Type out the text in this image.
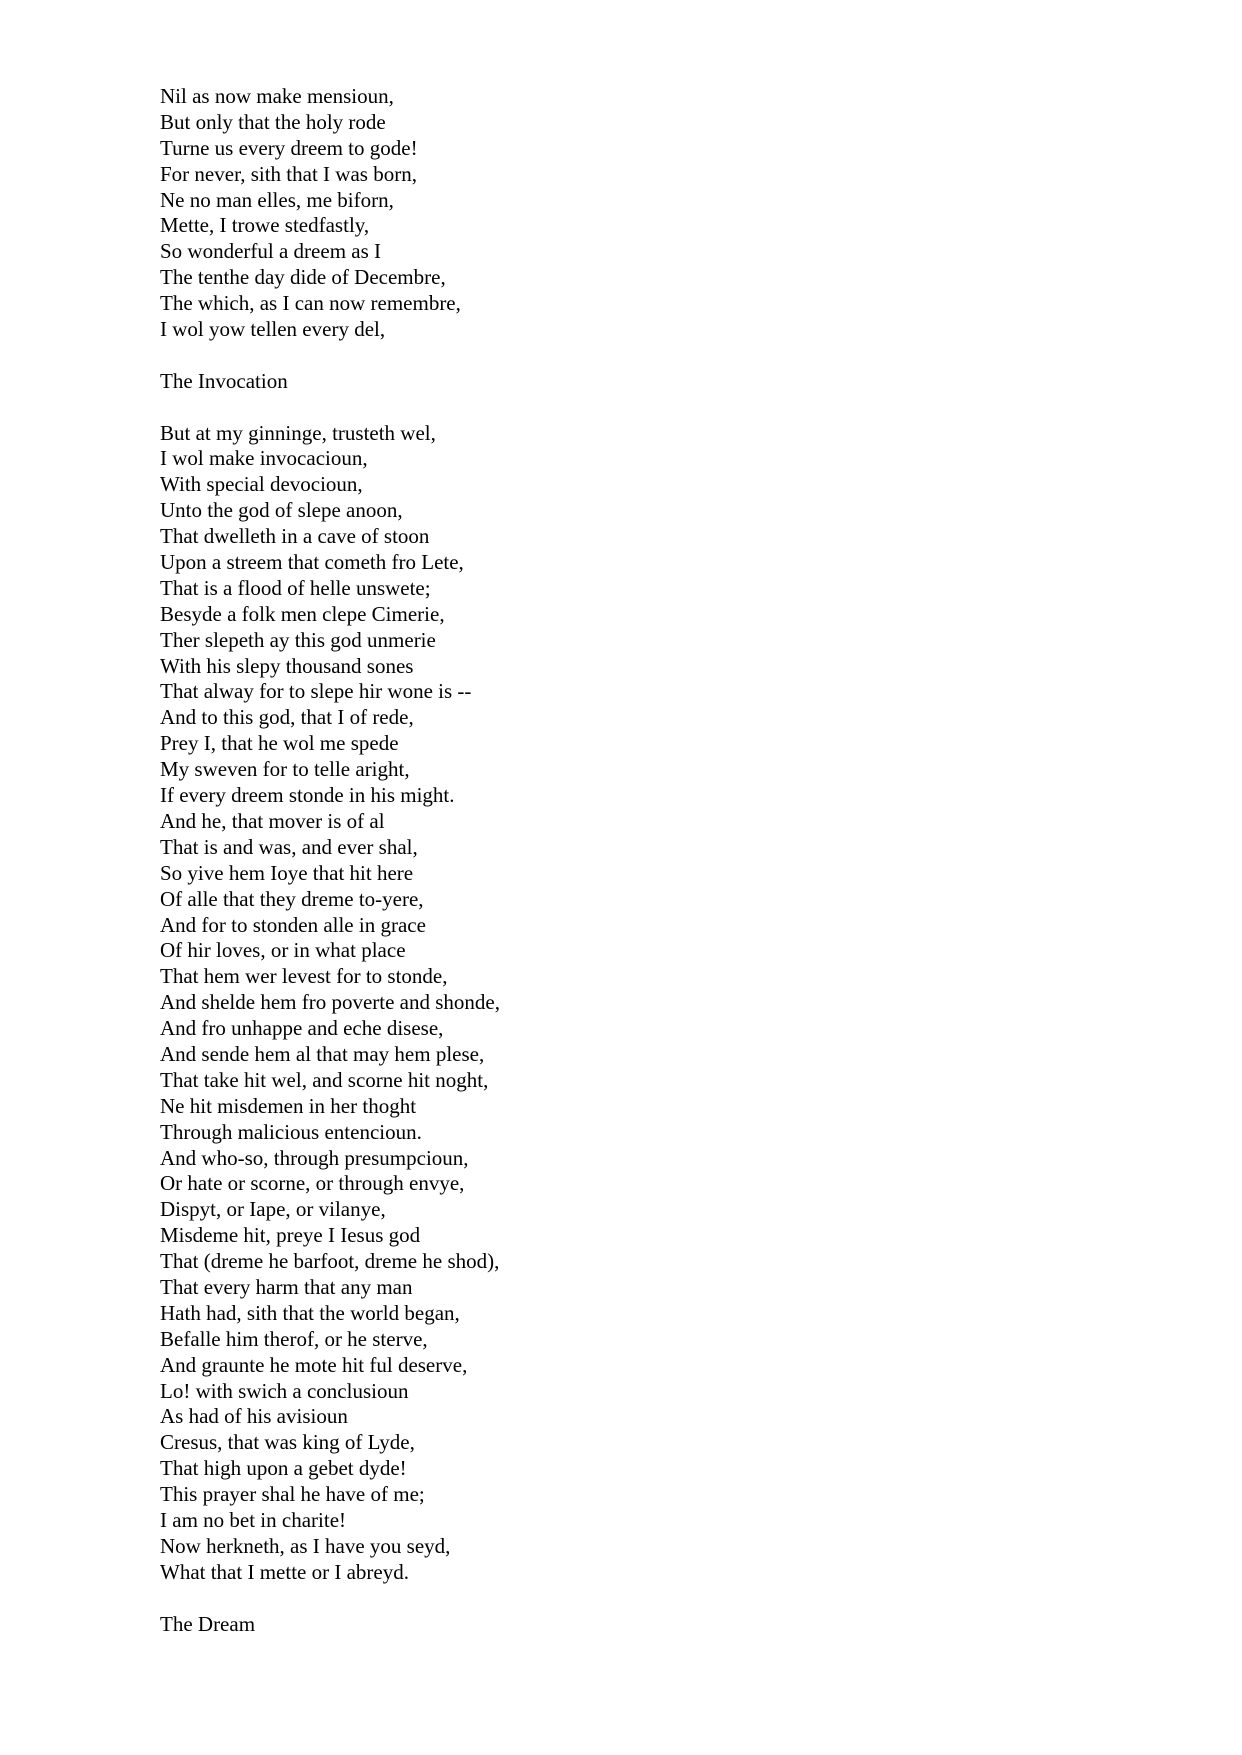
Nil as now make mensioun,
But only that the holy rode
Turne us every dreem to gode!
For never, sith that I was born,
Ne no man elles, me biforn,
Mette, I trowe stedfastly,
So wonderful a dreem as I
The tenthe day dide of Decembre,
The which, as I can now remembre,
I wol yow tellen every del,
The Invocation
But at my ginninge, trusteth wel,
I wol make invocacioun,
With special devocioun,
Unto the god of slepe anoon,
That dwelleth in a cave of stoon
Upon a streem that cometh fro Lete,
That is a flood of helle unswete;
Besyde a folk men clepe Cimerie,
Ther slepeth ay this god unmerie
With his slepy thousand sones
That alway for to slepe hir wone is --
And to this god, that I of rede,
Prey I, that he wol me spede
My sweven for to telle aright,
If every dreem stonde in his might.
And he, that mover is of al
That is and was, and ever shal,
So yive hem Ioye that hit here
Of alle that they dreme to-yere,
And for to stonden alle in grace
Of hir loves, or in what place
That hem wer levest for to stonde,
And shelde hem fro poverte and shonde,
And fro unhappe and eche disese,
And sende hem al that may hem plese,
That take hit wel, and scorne hit noght,
Ne hit misdemen in her thoght
Through malicious entencioun.
And who-so, through presumpcioun,
Or hate or scorne, or through envye,
Dispyt, or Iape, or vilanye,
Misdeme hit, preye I Iesus god
That (dreme he barfoot, dreme he shod),
That every harm that any man
Hath had, sith that the world began,
Befalle him therof, or he sterve,
And graunte he mote hit ful deserve,
Lo! with swich a conclusioun
As had of his avisioun
Cresus, that was king of Lyde,
That high upon a gebet dyde!
This prayer shal he have of me;
I am no bet in charite!
Now herkneth, as I have you seyd,
What that I mette or I abreyd.
The Dream
